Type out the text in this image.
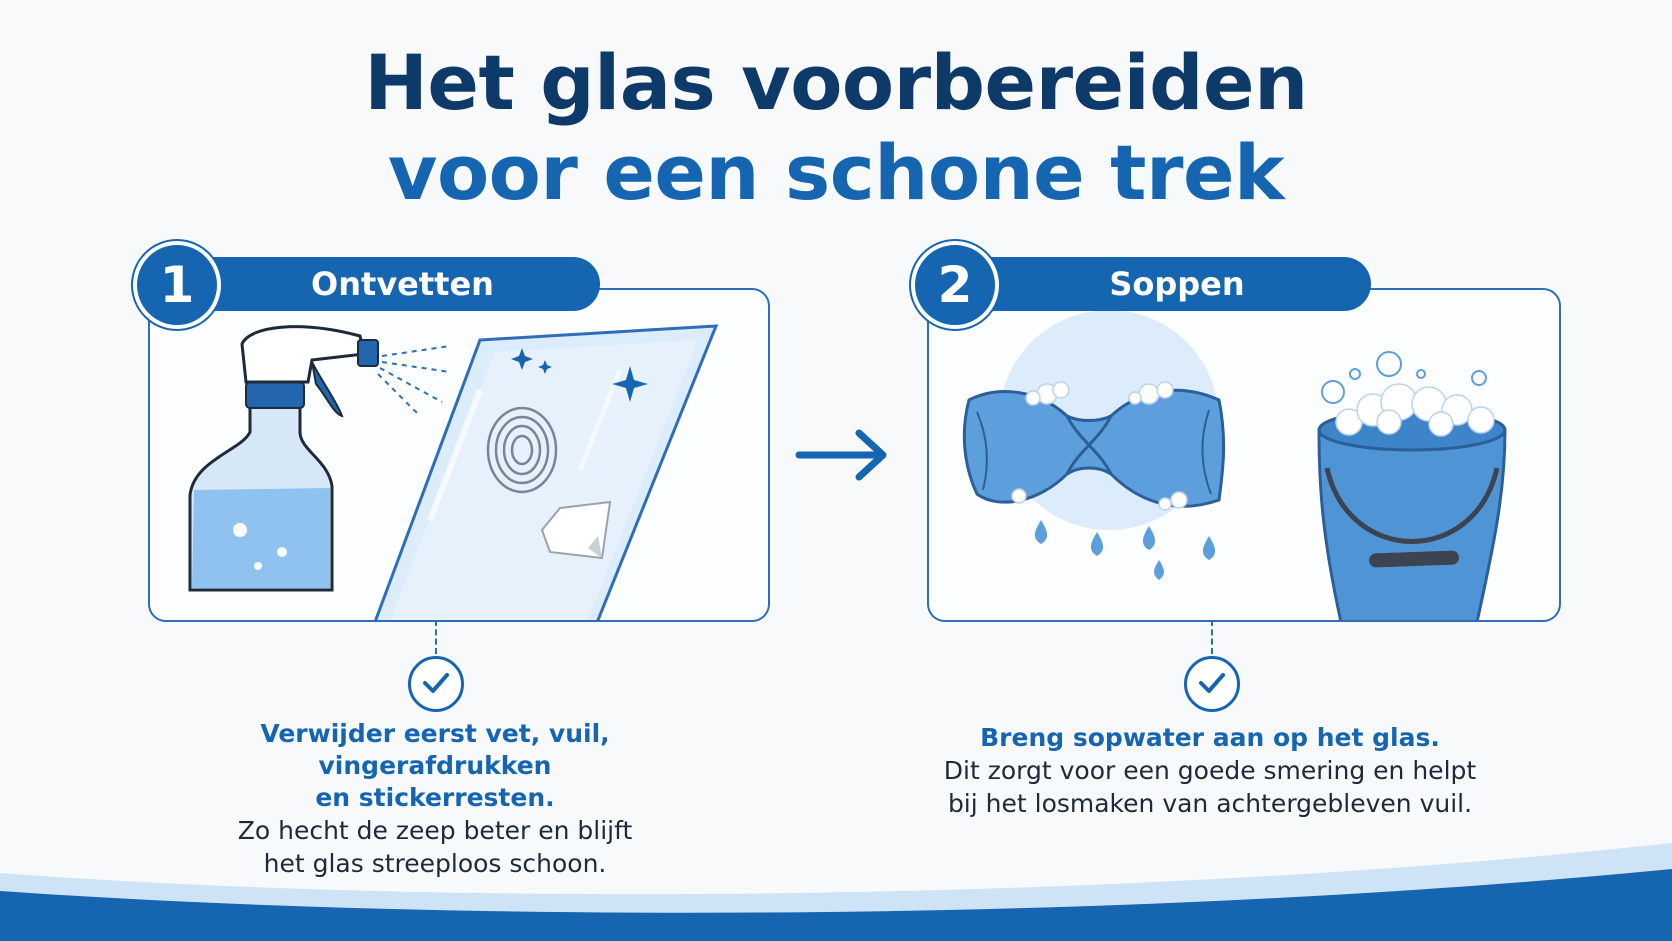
Het glas voorbereiden
voor een schone trek
1	Ontvetten	2	Soppen
Verwijder eerst vet, vuil, vingerafdrukken
en stickerresten.
Zo hecht de zeep beter en blijft
het glas streeploos schoon.
Breng sopwater aan op het glas.
Dit zorgt voor een goede smering en helpt
bij het losmaken van achtergebleven vuil.
